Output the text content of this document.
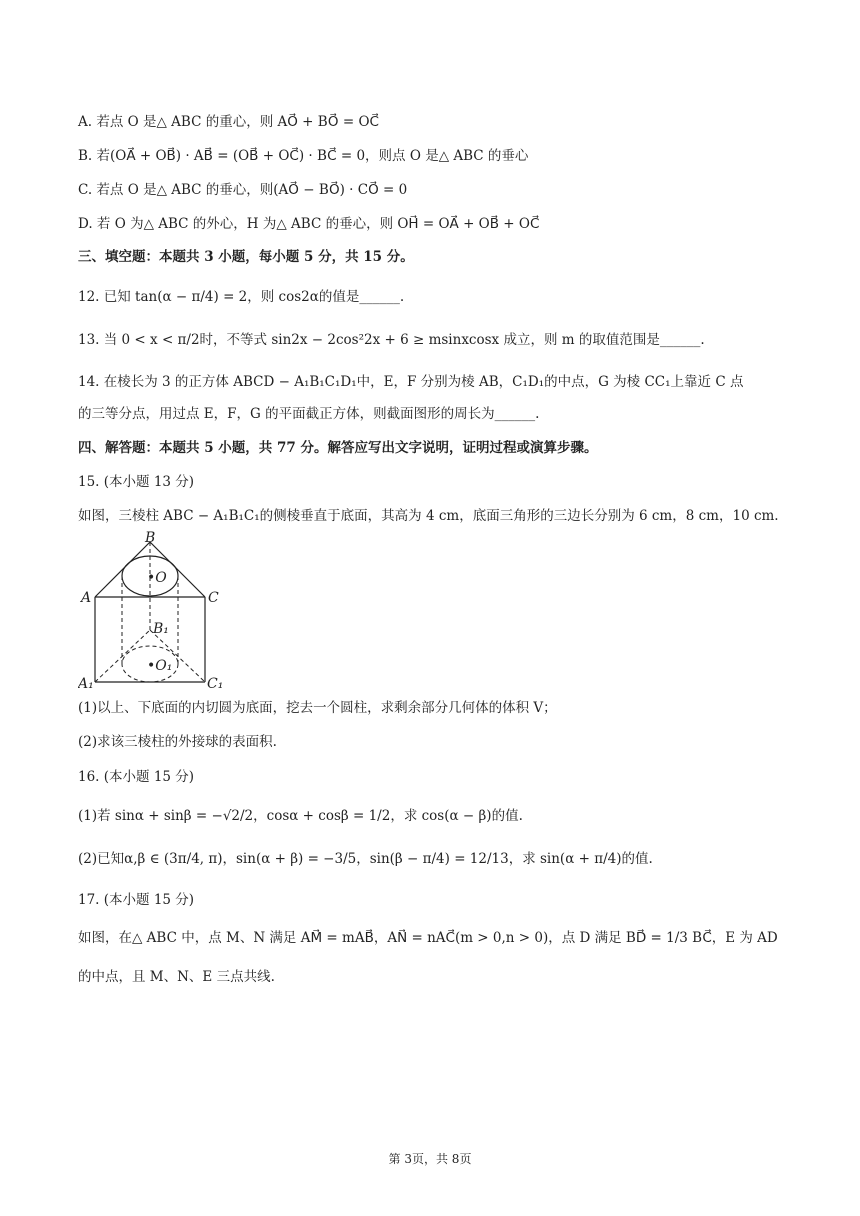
A. 若点 O 是△ ABC 的重心，则 AO⃗ + BO⃗ = OC⃗
B. 若(OA⃗ + OB⃗) · AB⃗ = (OB⃗ + OC⃗) · BC⃗ = 0，则点 O 是△ ABC 的垂心
C. 若点 O 是△ ABC 的垂心，则(AO⃗ − BO⃗) · CO⃗ = 0
D. 若 O 为△ ABC 的外心，H 为△ ABC 的垂心，则 OH⃗ = OA⃗ + OB⃗ + OC⃗
三、填空题：本题共 3 小题，每小题 5 分，共 15 分。
12. 已知 tan(α − π/4) = 2，则 cos2α的值是______.
13. 当 0 < x < π/2时，不等式 sin2x − 2cos²2x + 6 ≥ msinxcosx 成立，则 m 的取值范围是______.
14. 在棱长为 3 的正方体 ABCD − A₁B₁C₁D₁中，E，F 分别为棱 AB，C₁D₁的中点，G 为棱 CC₁上靠近 C 点
的三等分点，用过点 E，F，G 的平面截正方体，则截面图形的周长为______.
四、解答题：本题共 5 小题，共 77 分。解答应写出文字说明，证明过程或演算步骤。
15. (本小题 13 分)
如图，三棱柱 ABC − A₁B₁C₁的侧棱垂直于底面，其高为 4 cm，底面三角形的三边长分别为 6 cm，8 cm，10 cm.
B
•O
A	C
B₁
•O₁
A₁	C₁
(1)以上、下底面的内切圆为底面，挖去一个圆柱，求剩余部分几何体的体积 V；
(2)求该三棱柱的外接球的表面积.
16. (本小题 15 分)
(1)若 sinα + sinβ = −√2/2，cosα + cosβ = 1/2，求 cos(α − β)的值.
(2)已知α,β ∈ (3π/4, π)，sin(α + β) = −3/5，sin(β − π/4) = 12/13，求 sin(α + π/4)的值.
17. (本小题 15 分)
如图，在△ ABC 中，点 M、N 满足 AM⃗ = mAB⃗，AN⃗ = nAC⃗(m > 0,n > 0)，点 D 满足 BD⃗ = 1/3 BC⃗，E 为 AD
的中点，且 M、N、E 三点共线.
第 3页，共 8页
